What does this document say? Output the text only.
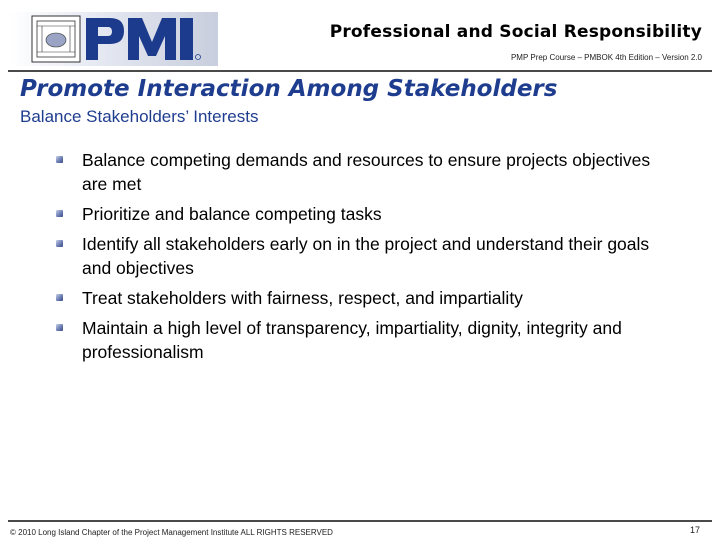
Professional and Social Responsibility
PMP Prep Course – PMBOK 4th Edition – Version 2.0
Promote Interaction Among Stakeholders
Balance Stakeholders’ Interests
Balance competing demands and resources to ensure projects objectives are met
Prioritize and balance competing tasks
Identify all stakeholders early on in the project and understand their goals and objectives
Treat stakeholders with fairness, respect, and impartiality
Maintain a high level of transparency, impartiality, dignity, integrity and professionalism
© 2010 Long Island Chapter of the Project Management Institute ALL RIGHTS RESERVED	17
